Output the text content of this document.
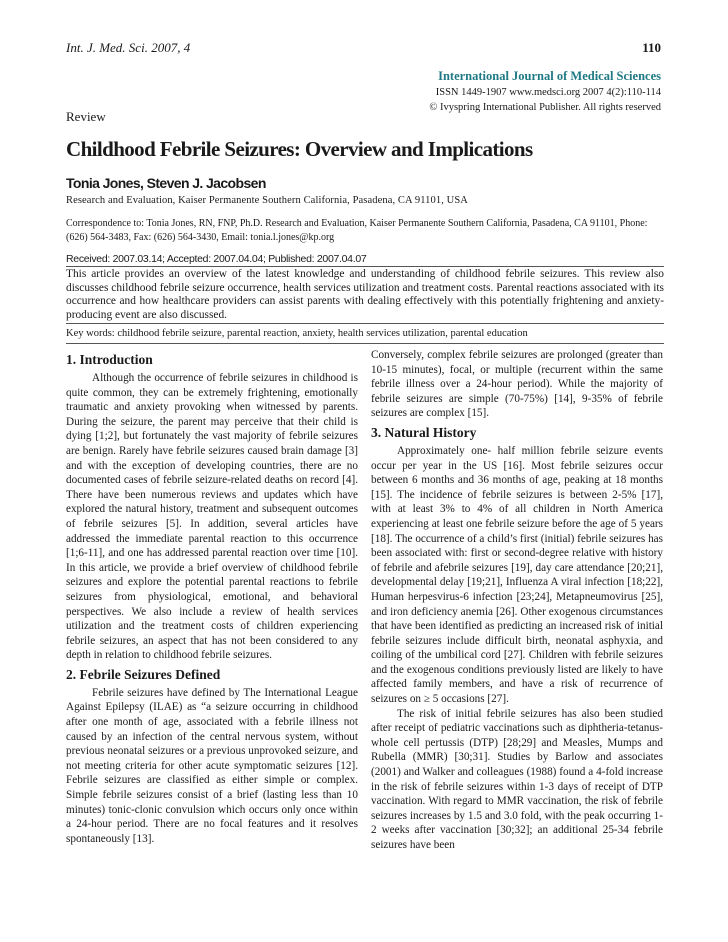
Int. J. Med. Sci. 2007, 4	110
International Journal of Medical Sciences
ISSN 1449-1907 www.medsci.org 2007 4(2):110-114
© Ivyspring International Publisher. All rights reserved
Review
Childhood Febrile Seizures: Overview and Implications
Tonia Jones, Steven J. Jacobsen
Research and Evaluation, Kaiser Permanente Southern California, Pasadena, CA 91101, USA
Correspondence to: Tonia Jones, RN, FNP, Ph.D. Research and Evaluation, Kaiser Permanente Southern California, Pasadena, CA 91101, Phone: (626) 564-3483, Fax: (626) 564-3430, Email: tonia.l.jones@kp.org
Received: 2007.03.14; Accepted: 2007.04.04; Published: 2007.04.07
This article provides an overview of the latest knowledge and understanding of childhood febrile seizures. This review also discusses childhood febrile seizure occurrence, health services utilization and treatment costs. Parental reactions associated with its occurrence and how healthcare providers can assist parents with dealing effectively with this potentially frightening and anxiety-producing event are also discussed.
Key words: childhood febrile seizure, parental reaction, anxiety, health services utilization, parental education
1. Introduction

Although the occurrence of febrile seizures in childhood is quite common, they can be extremely frightening, emotionally traumatic and anxiety provoking when witnessed by parents. During the seizure, the parent may perceive that their child is dying [1;2], but fortunately the vast majority of febrile seizures are benign. Rarely have febrile seizures caused brain damage [3] and with the exception of developing countries, there are no documented cases of febrile seizure-related deaths on record [4]. There have been numerous reviews and updates which have explored the natural history, treatment and subsequent outcomes of febrile seizures [5]. In addition, several articles have addressed the immediate parental reaction to this occurrence [1;6-11], and one has addressed parental reaction over time [10]. In this article, we provide a brief overview of childhood febrile seizures and explore the potential parental reactions to febrile seizures from physiological, emotional, and behavioral perspectives. We also include a review of health services utilization and the treatment costs of children experiencing febrile seizures, an aspect that has not been considered to any depth in relation to childhood febrile seizures.

2. Febrile Seizures Defined

Febrile seizures have defined by The International League Against Epilepsy (ILAE) as “a seizure occurring in childhood after one month of age, associated with a febrile illness not caused by an infection of the central nervous system, without previous neonatal seizures or a previous unprovoked seizure, and not meeting criteria for other acute symptomatic seizures [12]. Febrile seizures are classified as either simple or complex. Simple febrile seizures consist of a brief (lasting less than 10 minutes) tonic-clonic convulsion which occurs only once within a 24-hour period. There are no focal features and it resolves spontaneously [13].

Conversely, complex febrile seizures are prolonged (greater than 10-15 minutes), focal, or multiple (recurrent within the same febrile illness over a 24-hour period). While the majority of febrile seizures are simple (70-75%) [14], 9-35% of febrile seizures are complex [15].

3. Natural History

Approximately one- half million febrile seizure events occur per year in the US [16]. Most febrile seizures occur between 6 months and 36 months of age, peaking at 18 months [15]. The incidence of febrile seizures is between 2-5% [17], with at least 3% to 4% of all children in North America experiencing at least one febrile seizure before the age of 5 years [18]. The occurrence of a child’s first (initial) febrile seizures has been associated with: first or second-degree relative with history of febrile and afebrile seizures [19], day care attendance [20;21], developmental delay [19;21], Influenza A viral infection [18;22], Human herpesvirus-6 infection [23;24], Metapneumovirus [25], and iron deficiency anemia [26]. Other exogenous circumstances that have been identified as predicting an increased risk of initial febrile seizures include difficult birth, neonatal asphyxia, and coiling of the umbilical cord [27]. Children with febrile seizures and the exogenous conditions previously listed are likely to have affected family members, and have a risk of recurrence of seizures on ≥ 5 occasions [27].

The risk of initial febrile seizures has also been studied after receipt of pediatric vaccinations such as diphtheria-tetanus-whole cell pertussis (DTP) [28;29] and Measles, Mumps and Rubella (MMR) [30;31]. Studies by Barlow and associates (2001) and Walker and colleagues (1988) found a 4-fold increase in the risk of febrile seizures within 1-3 days of receipt of DTP vaccination. With regard to MMR vaccination, the risk of febrile seizures increases by 1.5 and 3.0 fold, with the peak occurring 1-2 weeks after vaccination [30;32]; an additional 25-34 febrile seizures have been
